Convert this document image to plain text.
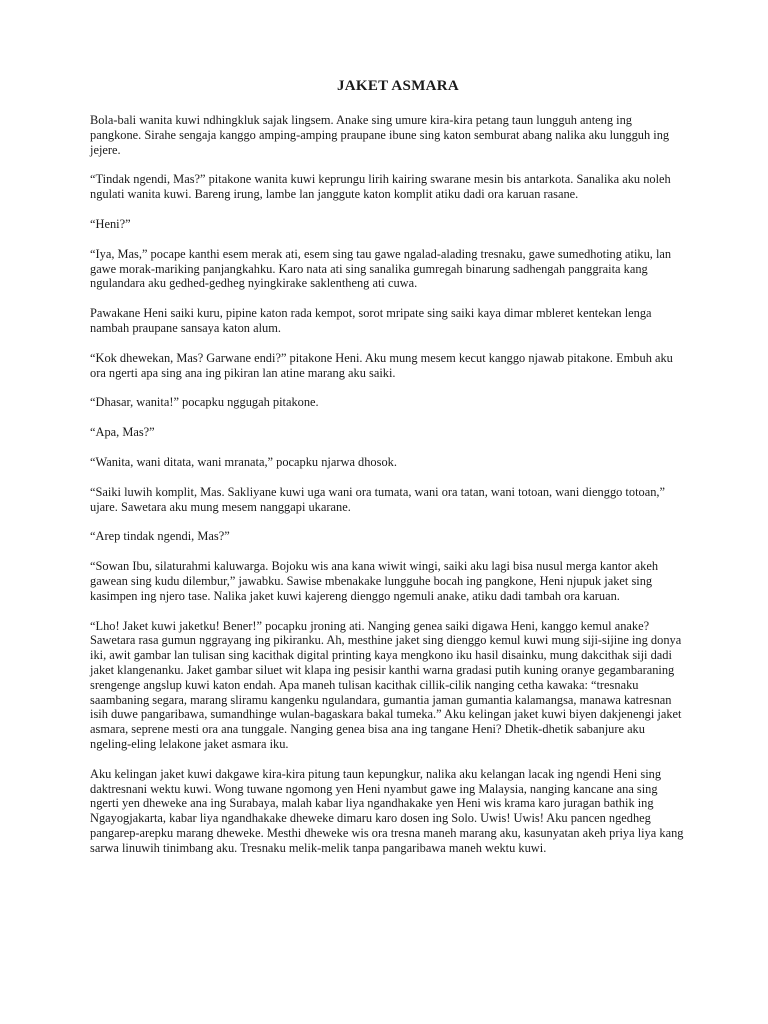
JAKET ASMARA

Bola-bali wanita kuwi ndhingkluk sajak lingsem. Anake sing umure kira-kira petang taun lungguh anteng ing pangkone. Sirahe sengaja kanggo amping-amping praupane ibune sing katon semburat abang nalika aku lungguh ing jejere.

“Tindak ngendi, Mas?” pitakone wanita kuwi keprungu lirih kairing swarane mesin bis antarkota. Sanalika aku noleh ngulati wanita kuwi. Bareng irung, lambe lan janggute katon komplit atiku dadi ora karuan rasane.

“Heni?”

“Iya, Mas,” pocape kanthi esem merak ati, esem sing tau gawe ngalad-alading tresnaku, gawe sumedhoting atiku, lan gawe morak-mariking panjangkahku. Karo nata ati sing sanalika gumregah binarung sadhengah panggraita kang ngulandara aku gedhed-gedheg nyingkirake saklentheng ati cuwa.

Pawakane Heni saiki kuru, pipine katon rada kempot, sorot mripate sing saiki kaya dimar mbleret kentekan lenga nambah praupane sansaya katon alum.

“Kok dhewekan, Mas? Garwane endi?” pitakone Heni. Aku mung mesem kecut kanggo njawab pitakone. Embuh aku ora ngerti apa sing ana ing pikiran lan atine marang aku saiki.

“Dhasar, wanita!” pocapku nggugah pitakone.

“Apa, Mas?”

“Wanita, wani ditata, wani mranata,” pocapku njarwa dhosok.

“Saiki luwih komplit, Mas. Sakliyane kuwi uga wani ora tumata, wani ora tatan, wani totoan, wani dienggo totoan,” ujare. Sawetara aku mung mesem nanggapi ukarane.

“Arep tindak ngendi, Mas?”

“Sowan Ibu, silaturahmi kaluwarga. Bojoku wis ana kana wiwit wingi, saiki aku lagi bisa nusul merga kantor akeh gawean sing kudu dilembur,” jawabku. Sawise mbenakake lungguhe bocah ing pangkone, Heni njupuk jaket sing kasimpen ing njero tase. Nalika jaket kuwi kajereng dienggo ngemuli anake, atiku dadi tambah ora karuan.

“Lho! Jaket kuwi jaketku! Bener!” pocapku jroning ati. Nanging genea saiki digawa Heni, kanggo kemul anake? Sawetara rasa gumun nggrayang ing pikiranku. Ah, mesthine jaket sing dienggo kemul kuwi mung siji-sijine ing donya iki, awit gambar lan tulisan sing kacithak digital printing kaya mengkono iku hasil disainku, mung dakcithak siji dadi jaket klangenanku. Jaket gambar siluet wit klapa ing pesisir kanthi warna gradasi putih kuning oranye gegambaraning srengenge angslup kuwi katon endah. Apa maneh tulisan kacithak cillik-cilik nanging cetha kawaka: “tresnaku saambaning segara, marang sliramu kangenku ngulandara, gumantia jaman gumantia kalamangsa, manawa katresnan isih duwe pangaribawa, sumandhinge wulan-bagaskara bakal tumeka.” Aku kelingan jaket kuwi biyen dakjenengi jaket asmara, seprene mesti ora ana tunggale. Nanging genea bisa ana ing tangane Heni? Dhetik-dhetik sabanjure aku ngeling-eling lelakone jaket asmara iku.

Aku kelingan jaket kuwi dakgawe kira-kira pitung taun kepungkur, nalika aku kelangan lacak ing ngendi Heni sing daktresnani wektu kuwi. Wong tuwane ngomong yen Heni nyambut gawe ing Malaysia, nanging kancane ana sing ngerti yen dheweke ana ing Surabaya, malah kabar liya ngandhakake yen Heni wis krama karo juragan bathik ing Ngayogjakarta, kabar liya ngandhakake dheweke dimaru karo dosen ing Solo. Uwis! Uwis! Aku pancen ngedheg pangarep-arepku marang dheweke. Mesthi dheweke wis ora tresna maneh marang aku, kasunyatan akeh priya liya kang sarwa linuwih tinimbang aku. Tresnaku melik-melik tanpa pangaribawa maneh wektu kuwi.
